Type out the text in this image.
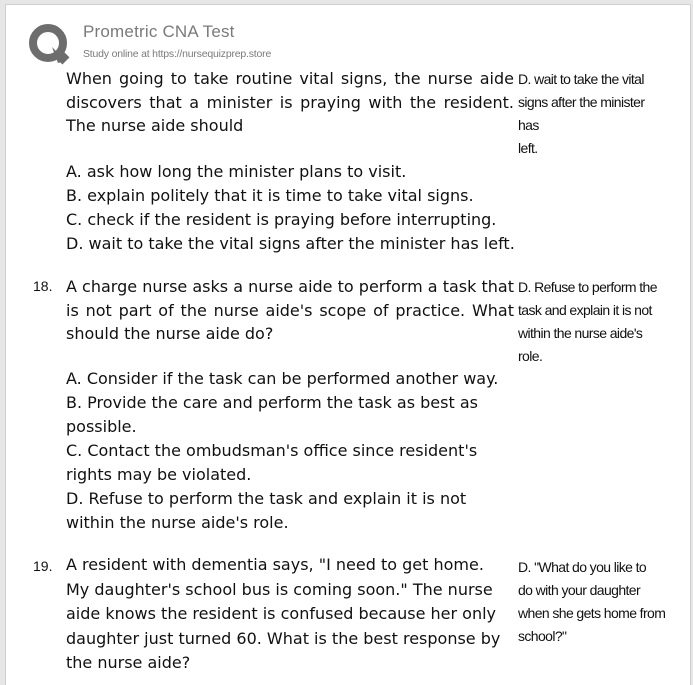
Prometric CNA Test
Study online at https://nursequizprep.store
When going to take routine vital signs, the nurse aide discovers that a minister is praying with the resident. The nurse aide should
A. ask how long the minister plans to visit.
B. explain politely that it is time to take vital signs.
C. check if the resident is praying before interrupting.
D. wait to take the vital signs after the minister has left.
D. wait to take the vital
signs after the minister has
left.
18. A charge nurse asks a nurse aide to perform a task that is not part of the nurse aide's scope of practice. What should the nurse aide do?
A. Consider if the task can be performed another way.
B. Provide the care and perform the task as best as
possible.
C. Contact the ombudsman's office since resident's
rights may be violated.
D. Refuse to perform the task and explain it is not
within the nurse aide's role.
D. Refuse to perform the
task and explain it is not
within the nurse aide's
role.
19. A resident with dementia says, "I need to get home.
My daughter's school bus is coming soon." The nurse
aide knows the resident is confused because her only
daughter just turned 60. What is the best response by
the nurse aide?
D. "What do you like to
do with your daughter
when she gets home from
school?"
